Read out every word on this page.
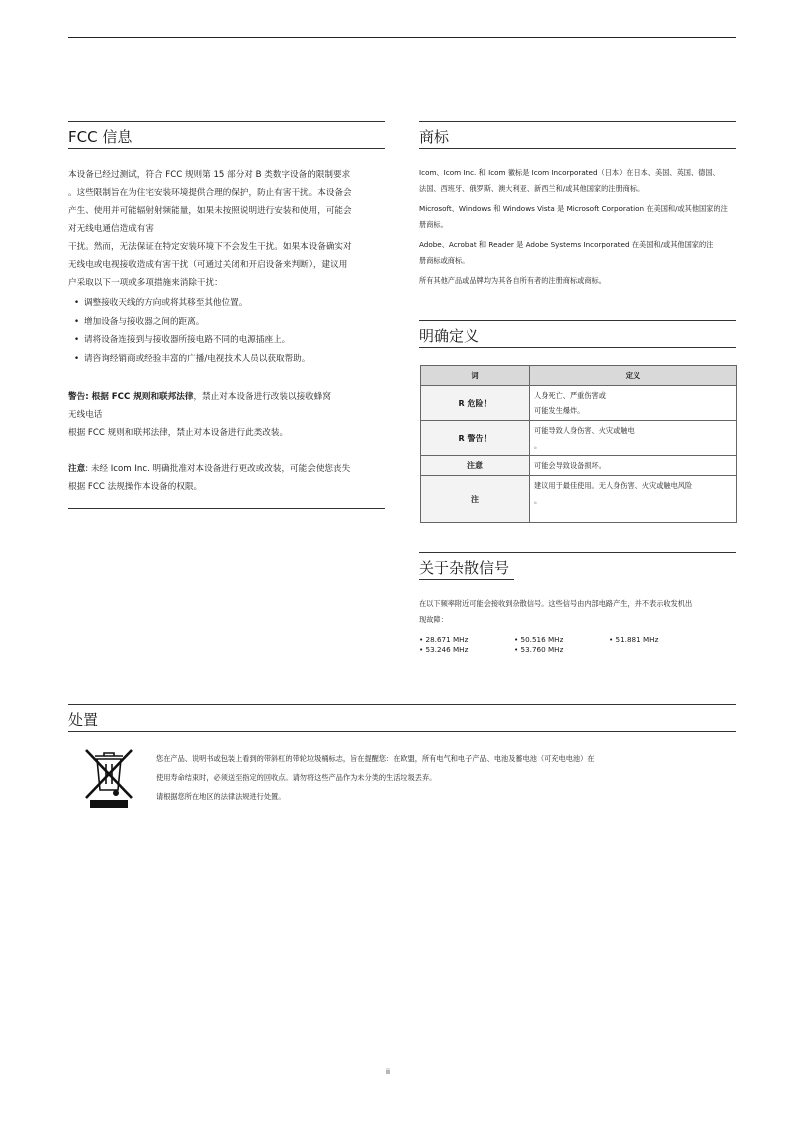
FCC 信息

本设备已经过测试，符合 FCC 规则第 15 部分对 B 类数字设备的限制要求

。这些限制旨在为住宅安装环境提供合理的保护，防止有害干扰。本设备会

产生、使用并可能辐射射频能量，如果未按照说明进行安装和使用，可能会

对无线电通信造成有害

干扰。然而，无法保证在特定安装环境下不会发生干扰。如果本设备确实对

无线电或电视接收造成有害干扰（可通过关闭和开启设备来判断），建议用

户采取以下一项或多项措施来消除干扰：

• 调整接收天线的方向或将其移至其他位置。
• 增加设备与接收器之间的距离。
• 请将设备连接到与接收器所接电路不同的电源插座上。
• 请咨询经销商或经验丰富的广播/电视技术人员以获取帮助。

警告: 根据 FCC 规则和联邦法律，禁止对本设备进行改装以接收蜂窝

无线电话

根据 FCC 规则和联邦法律，禁止对本设备进行此类改装。

注意: 未经 Icom Inc. 明确批准对本设备进行更改或改装，可能会使您丧失

根据 FCC 法规操作本设备的权限。

商标

Icom、Icom Inc. 和 Icom 徽标是 Icom Incorporated（日本）在日本、美国、英国、德国、

法国、西班牙、俄罗斯、澳大利亚、新西兰和/或其他国家的注册商标。

Microsoft、Windows 和 Windows Vista 是 Microsoft Corporation 在美国和/或其他国家的注

册商标。

Adobe、Acrobat 和 Reader 是 Adobe Systems Incorporated 在美国和/或其他国家的注

册商标或商标。

所有其他产品或品牌均为其各自所有者的注册商标或商标。

明确定义
词	定义
R 危险！	人身死亡、严重伤害或
可能发生爆炸。

R 警告！	可能导致人身伤害、火灾或触电
。

注意	可能会导致设备损坏。

注	建议用于最佳使用。无人身伤害、火灾或触电风险
。
关于杂散信号

在以下频率附近可能会接收到杂散信号。这些信号由内部电路产生，并不表示收发机出

现故障：

• 28.671 MHz	• 50.516 MHz	• 51.881 MHz
• 53.246 MHz	• 53.760 MHz
处置

您在产品、说明书或包装上看到的带斜杠的带轮垃圾桶标志，旨在提醒您：在欧盟，所有电气和电子产品、电池及蓄电池（可充电电池）在

使用寿命结束时，必须送至指定的回收点。请勿将这些产品作为未分类的生活垃圾丢弃。

请根据您所在地区的法律法规进行处置。

ii
